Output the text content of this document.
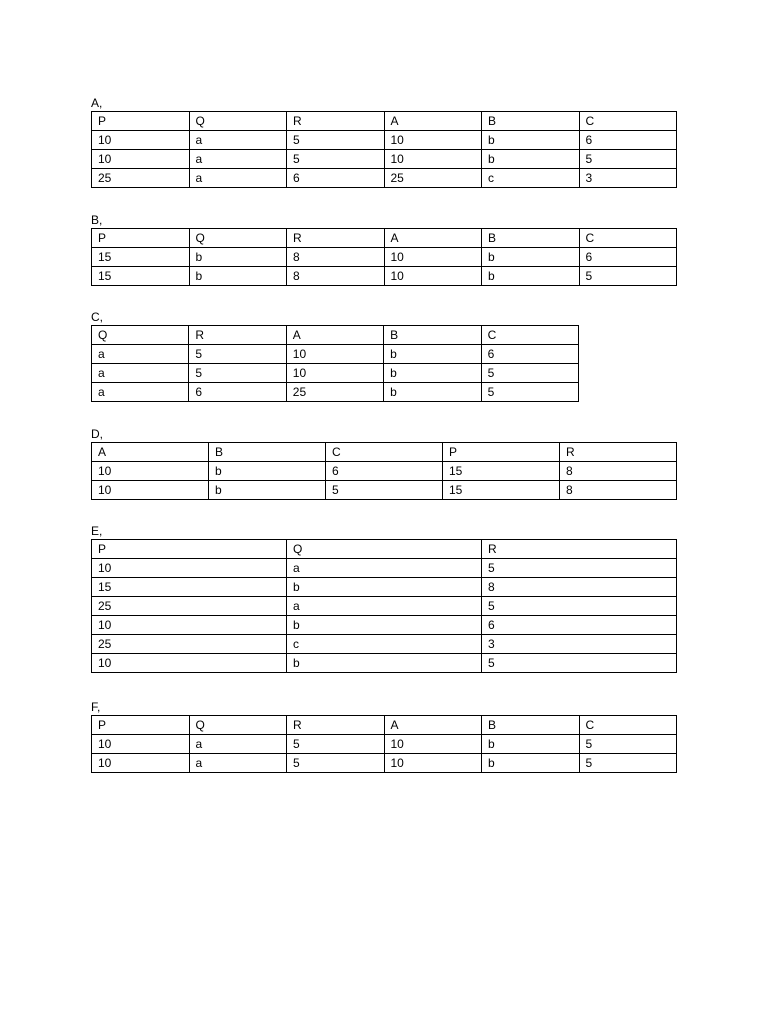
A,
P	Q	R	A	B	C
10	a	5	10	b	6
10	a	5	10	b	5
25	a	6	25	c	3
B,
P	Q	R	A	B	C
15	b	8	10	b	6
15	b	8	10	b	5
C,
Q	R	A	B	C
a	5	10	b	6
a	5	10	b	5
a	6	25	b	5
D,
A	B	C	P	R
10	b	6	15	8
10	b	5	15	8
E,
P	Q	R
10	a	5
15	b	8
25	a	5
10	b	6
25	c	3
10	b	5
F,
P	Q	R	A	B	C
10	a	5	10	b	5
10	a	5	10	b	5
